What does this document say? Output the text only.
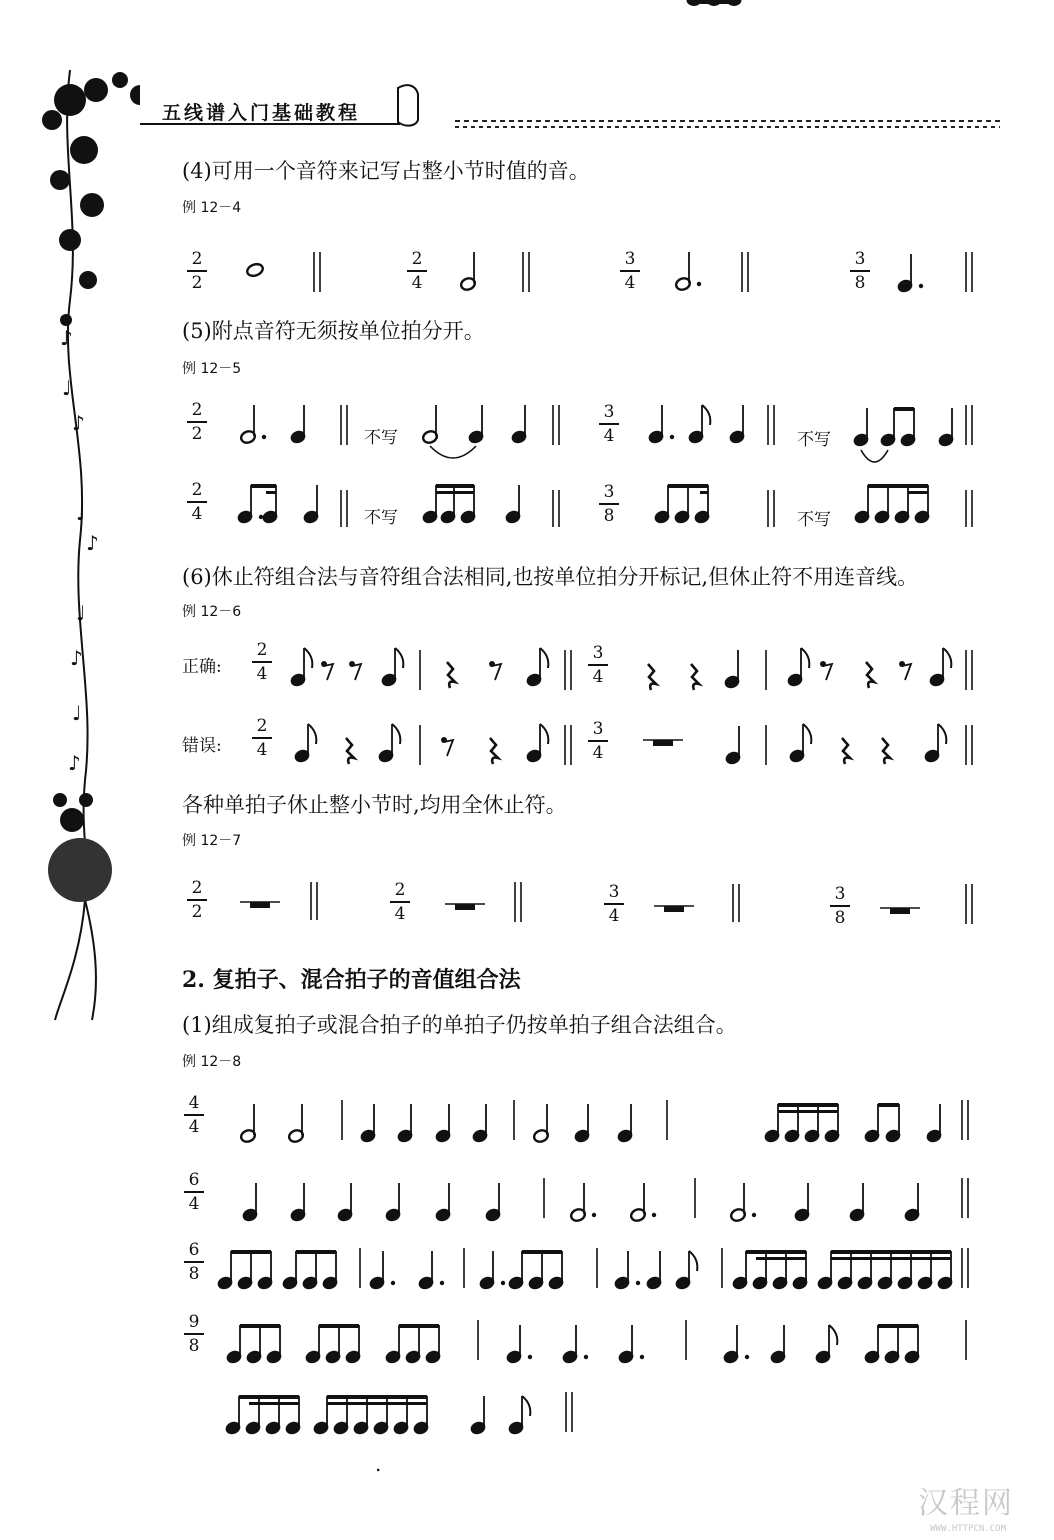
♪
♩
♪
♩
♪
♩
♪
♩
♪
五线谱入门基础教程
(4)可用一个音符来记写占整小节时值的音。
例 12－4
(5)附点音符无须按单位拍分开。
例 12－5
不写	不写
不写	不写
(6)休止符组合法与音符组合法相同,也按单位拍分开标记,但休止符不用连音线。
例 12－6
正确:
错误:
各种单拍子休止整小节时,均用全休止符。
例 12－7
2. 复拍子、混合拍子的音值组合法
(1)组成复拍子或混合拍子的单拍子仍按单拍子组合法组合。
例 12－8
2
2
2
4
3
4
3
8
2
2
3
4
2
4
3
8
2
4
3
4
2
4
3
4
2
2
2
4
3
4
3
8
4
4
6
4
6
8
9
8
.
汉程网
WWW.HTTPCN.COM
